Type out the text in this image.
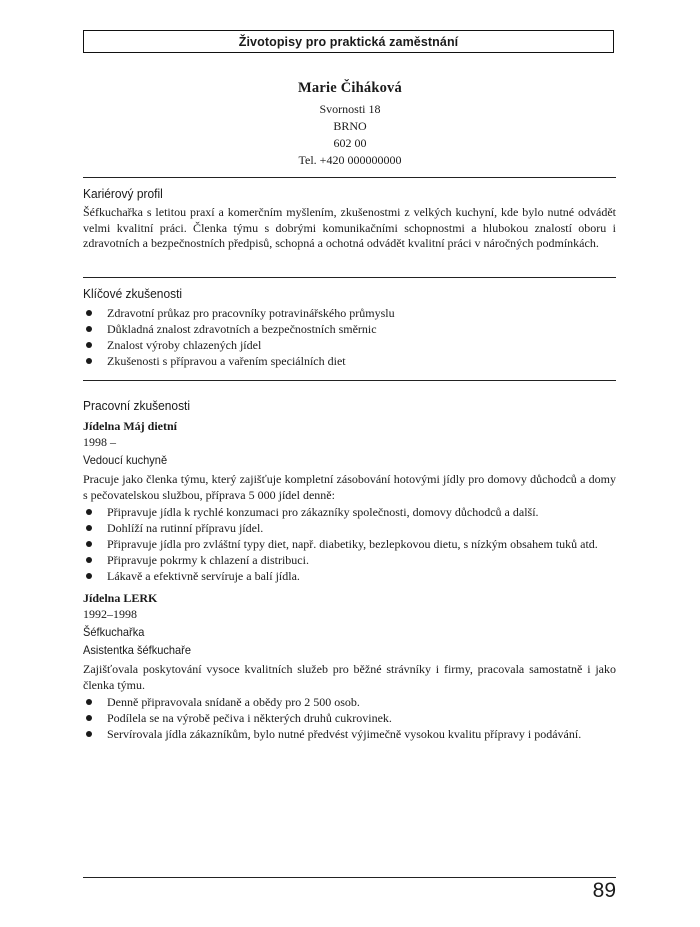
Životopisy pro praktická zaměstnání
Marie Čiháková
Svornosti 18
BRNO
602 00
Tel. +420 000000000

Kariérový profil

Šéfkuchařka s letitou praxí a komerčním myšlením, zkušenostmi z velkých kuchyní, kde bylo nutné odvádět velmi kvalitní práci. Členka týmu s dobrými komunikačními schopnostmi a hlubokou znalostí oboru i zdravotních a bezpečnostních předpisů, schopná a ochotná odvádět kvalitní práci v náročných podmínkách.

Klíčové zkušenosti

Zdravotní průkaz pro pracovníky potravinářského průmyslu
Důkladná znalost zdravotních a bezpečnostních směrnic
Znalost výroby chlazených jídel
Zkušenosti s přípravou a vařením speciálních diet

Pracovní zkušenosti

Jídelna Máj dietní

1998 –

Vedoucí kuchyně

Pracuje jako členka týmu, který zajišťuje kompletní zásobování hotovými jídly pro domovy důchodců a domy s pečovatelskou službou, příprava 5 000 jídel denně:

Připravuje jídla k rychlé konzumaci pro zákazníky společnosti, domovy důchodců a další.
Dohlíží na rutinní přípravu jídel.
Připravuje jídla pro zvláštní typy diet, např. diabetiky, bezlepkovou dietu, s nízkým obsahem tuků atd.
Připravuje pokrmy k chlazení a distribuci.
Lákavě a efektivně servíruje a balí jídla.

Jídelna LERK

1992–1998

Šéfkuchařka

Asistentka šéfkuchaře

Zajišťovala poskytování vysoce kvalitních služeb pro běžné strávníky i firmy, pracovala samostatně i jako členka týmu.

Denně připravovala snídaně a obědy pro 2 500 osob.
Podílela se na výrobě pečiva i některých druhů cukrovinek.
Servírovala jídla zákazníkům, bylo nutné předvést výjimečně vysokou kvalitu přípravy i podávání.
89
